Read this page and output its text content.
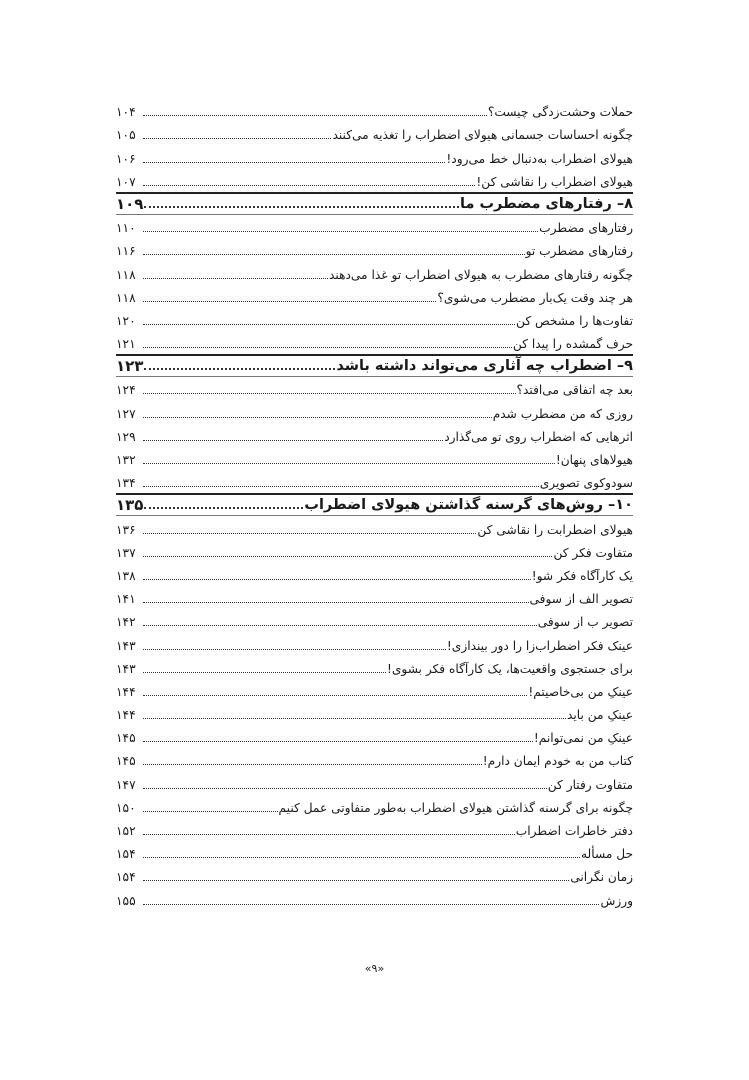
حملات وحشت‌زدگی چیست؟
۱۰۴
چگونه احساسات جسمانی هیولای اضطراب را تغذیه می‌کنند
۱۰۵
هیولای اضطراب به‌دنبال خط می‌رود!
۱۰۶
هیولای اضطراب را نقاشی کن!
۱۰۷
۸– رفتارهای مضطرب ما
۱۰۹
رفتارهای مضطرب
۱۱۰
رفتارهای مضطرب تو
۱۱۶
چگونه رفتارهای مضطرب به هیولای اضطراب تو غذا می‌دهند
۱۱۸
هر چند وقت یک‌بار مضطرب می‌شوی؟
۱۱۸
تفاوت‌ها را مشخص کن
۱۲۰
حرف گمشده را پیدا کن
۱۲۱
۹– اضطراب چه آثاری می‌تواند داشته باشد
۱۲۳
بعد چه اتفاقی می‌افتد؟
۱۲۴
روزی که من مضطرب شدم
۱۲۷
اثرهایی که اضطراب روی تو می‌گذارد
۱۲۹
هیولاهای پنهان!
۱۳۲
سودوکوی تصویری
۱۳۴
۱۰– روش‌های گرسنه گذاشتن هیولای اضطراب
۱۳۵
هیولای اضطرابت را نقاشی کن
۱۳۶
متفاوت فکر کن
۱۳۷
یک کارآگاه فکر شو!
۱۳۸
تصویر الف از سوفی
۱۴۱
تصویر ب از سوفی
۱۴۲
عینک فکر اضطراب‌زا را دور بیندازی!
۱۴۳
برای جستجوی واقعیت‌ها، یک کارآگاه فکر بشوی!
۱۴۳
عینکِ من بی‌خاصیتم!
۱۴۴
عینکِ من باید
۱۴۴
عینکِ من نمی‌توانم!
۱۴۵
کتاب من به خودم ایمان دارم!
۱۴۵
متفاوت رفتار کن
۱۴۷
چگونه برای گرسنه گذاشتن هیولای اضطراب به‌طور متفاوتی عمل کنیم
۱۵۰
دفتر خاطرات اضطراب
۱۵۲
حل مسأله
۱۵۴
زمان نگرانی
۱۵۴
ورزش
۱۵۵
«۹»
